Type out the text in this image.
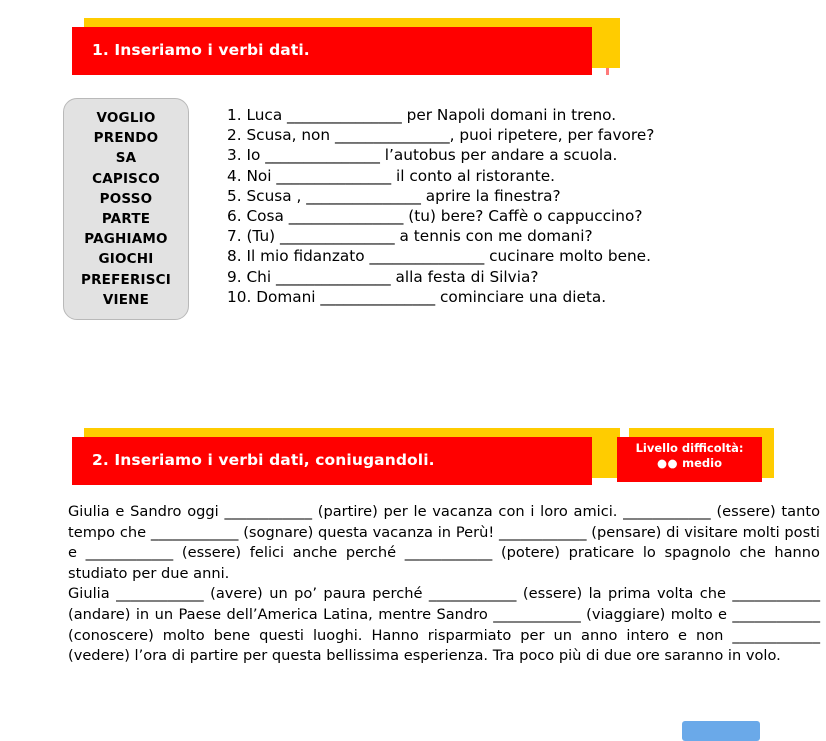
1. Inseriamo i verbi dati.
VOGLIO
PRENDO
SA
CAPISCO
POSSO
PARTE
PAGHIAMO
GIOCHI
PREFERISCI
VIENE
1. Luca _______________ per Napoli domani in treno.
2. Scusa, non _______________, puoi ripetere, per favore?
3. Io _______________ l’autobus per andare a scuola.
4. Noi _______________ il conto al ristorante.
5. Scusa , _______________ aprire la finestra?
6. Cosa _______________ (tu) bere? Caffè o cappuccino?
7. (Tu) _______________ a tennis con me domani?
8. Il mio fidanzato _______________ cucinare molto bene.
9. Chi _______________ alla festa di Silvia?
10. Domani _______________ cominciare una dieta.
2. Inseriamo i verbi dati, coniugandoli.
Livello difficoltà:
●● medio

Giulia e Sandro oggi ____________ (partire) per le vacanza con i loro amici. ____________ (essere) tanto tempo che ____________ (sognare) questa vacanza in Perù! ____________ (pensare) di visitare molti posti e ____________ (essere) felici anche perché ____________ (potere) praticare lo spagnolo che hanno studiato per due anni.

Giulia ____________ (avere) un po’ paura perché ____________ (essere) la prima volta che ____________ (andare) in un Paese dell’America Latina, mentre Sandro ____________ (viaggiare) molto e ____________ (conoscere) molto bene questi luoghi. Hanno risparmiato per un anno intero e non ____________ (vedere) l’ora di partire per questa bellissima esperienza. Tra poco più di due ore saranno in volo.
